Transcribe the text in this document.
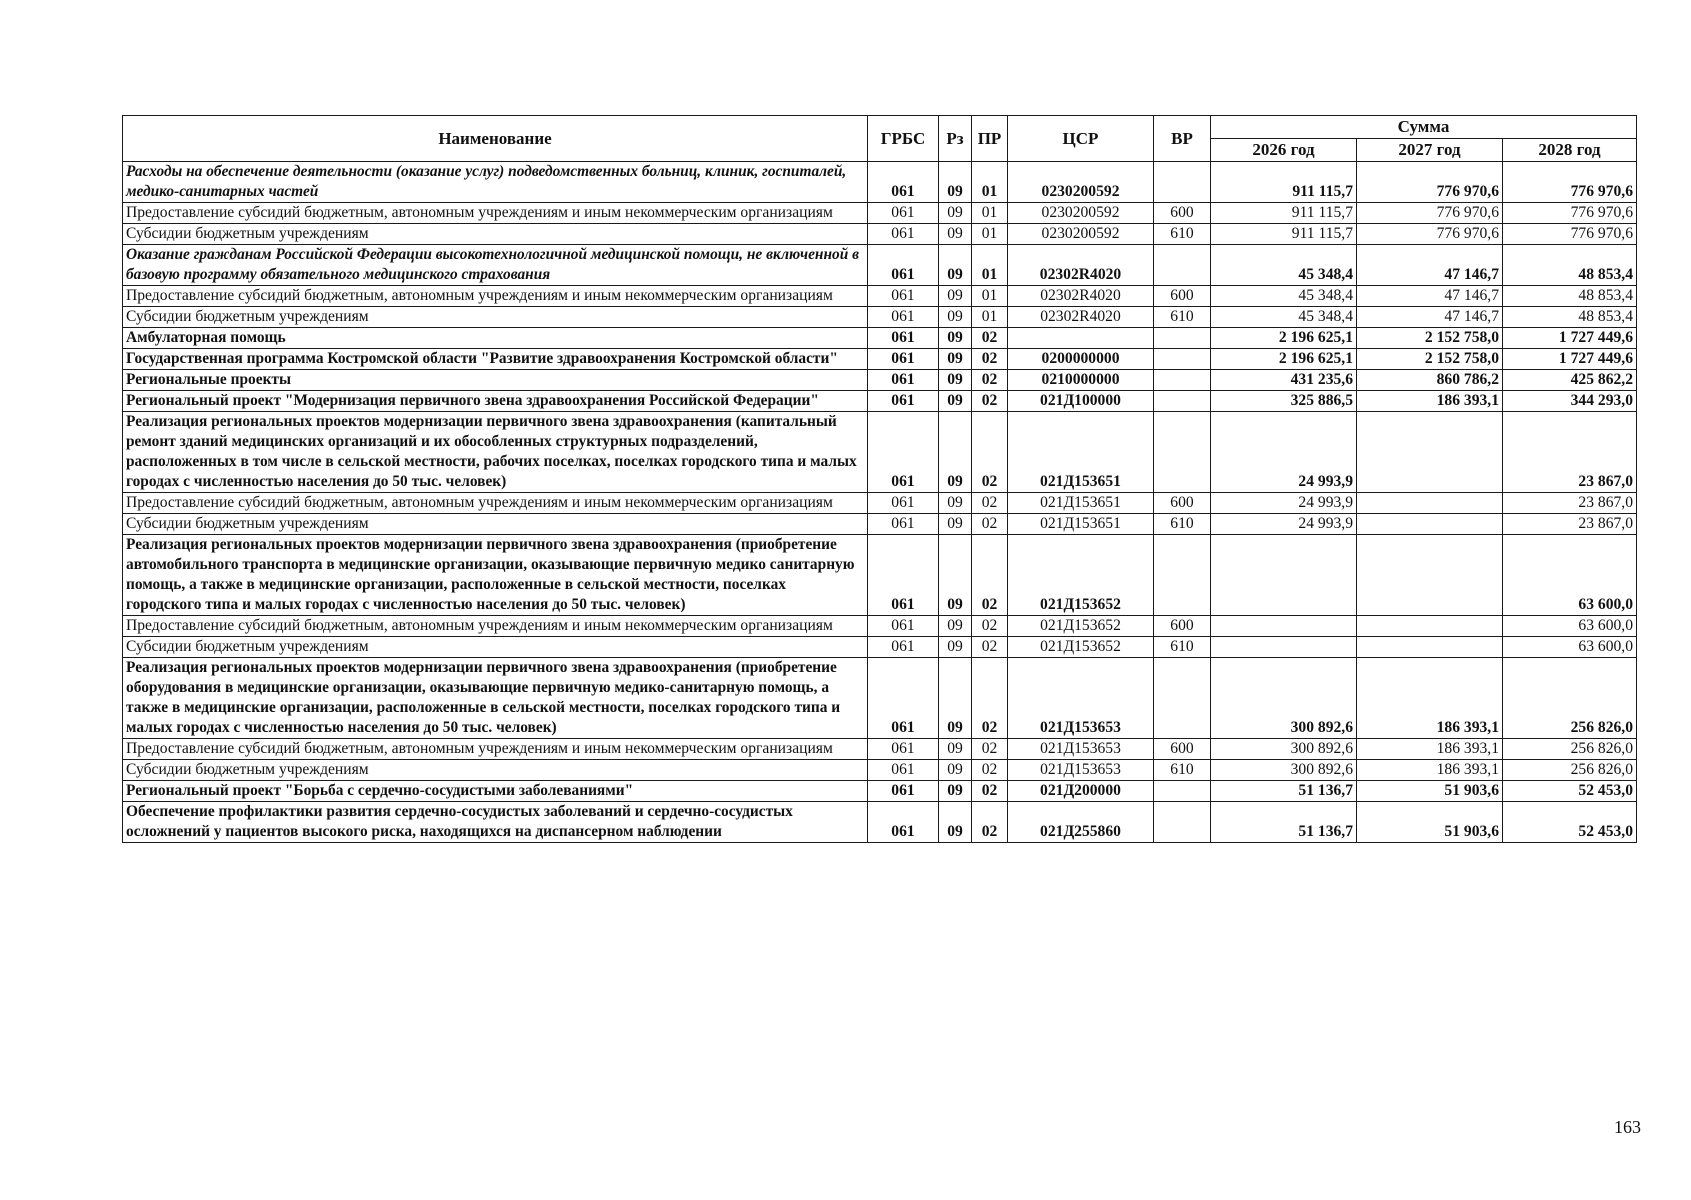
Наименование	ГРБС	Рз	ПР	ЦСР	ВР	Сумма		
						2026 год	2027 год	2028 год
Расходы на обеспечение деятельности (оказание услуг) подведомственных больниц, клиник, госпиталей, медико-санитарных частей	061	09	01	0230200592		911 115,7	776 970,6	776 970,6
Предоставление субсидий бюджетным, автономным учреждениям и иным некоммерческим организациям	061	09	01	0230200592	600	911 115,7	776 970,6	776 970,6
Субсидии бюджетным учреждениям	061	09	01	0230200592	610	911 115,7	776 970,6	776 970,6
Оказание гражданам Российской Федерации высокотехнологичной медицинской помощи, не включенной в базовую программу обязательного медицинского страхования	061	09	01	02302R4020		45 348,4	47 146,7	48 853,4
Предоставление субсидий бюджетным, автономным учреждениям и иным некоммерческим организациям	061	09	01	02302R4020	600	45 348,4	47 146,7	48 853,4
Субсидии бюджетным учреждениям	061	09	01	02302R4020	610	45 348,4	47 146,7	48 853,4
Амбулаторная помощь	061	09	02			2 196 625,1	2 152 758,0	1 727 449,6
Государственная программа Костромской области "Развитие здравоохранения Костромской области"	061	09	02	0200000000		2 196 625,1	2 152 758,0	1 727 449,6
Региональные проекты	061	09	02	0210000000		431 235,6	860 786,2	425 862,2
Региональный проект "Модернизация первичного звена здравоохранения Российской Федерации"	061	09	02	021Д100000		325 886,5	186 393,1	344 293,0
Реализация региональных проектов модернизации первичного звена здравоохранения (капитальный ремонт зданий медицинских организаций и их обособленных структурных подразделений, расположенных в том числе в сельской местности, рабочих поселках, поселках городского типа и малых городах с численностью населения до 50 тыс. человек)	061	09	02	021Д153651		24 993,9		23 867,0
Предоставление субсидий бюджетным, автономным учреждениям и иным некоммерческим организациям	061	09	02	021Д153651	600	24 993,9		23 867,0
Субсидии бюджетным учреждениям	061	09	02	021Д153651	610	24 993,9		23 867,0
Реализация региональных проектов модернизации первичного звена здравоохранения (приобретение автомобильного транспорта в медицинские организации, оказывающие первичную медико санитарную помощь, а также в медицинские организации, расположенные в сельской местности, поселках городского типа и малых городах с численностью населения до 50 тыс. человек)	061	09	02	021Д153652				63 600,0
Предоставление субсидий бюджетным, автономным учреждениям и иным некоммерческим организациям	061	09	02	021Д153652	600			63 600,0
Субсидии бюджетным учреждениям	061	09	02	021Д153652	610			63 600,0
Реализация региональных проектов модернизации первичного звена здравоохранения (приобретение оборудования в медицинские организации, оказывающие первичную медико-санитарную помощь, а также в медицинские организации, расположенные в сельской местности, поселках городского типа и малых городах с численностью населения до 50 тыс. человек)	061	09	02	021Д153653		300 892,6	186 393,1	256 826,0
Предоставление субсидий бюджетным, автономным учреждениям и иным некоммерческим организациям	061	09	02	021Д153653	600	300 892,6	186 393,1	256 826,0
Субсидии бюджетным учреждениям	061	09	02	021Д153653	610	300 892,6	186 393,1	256 826,0
Региональный проект "Борьба с сердечно-сосудистыми заболеваниями"	061	09	02	021Д200000		51 136,7	51 903,6	52 453,0
Обеспечение профилактики развития сердечно-сосудистых заболеваний и сердечно-сосудистых осложнений у пациентов высокого риска, находящихся на диспансерном наблюдении	061	09	02	021Д255860		51 136,7	51 903,6	52 453,0
163
